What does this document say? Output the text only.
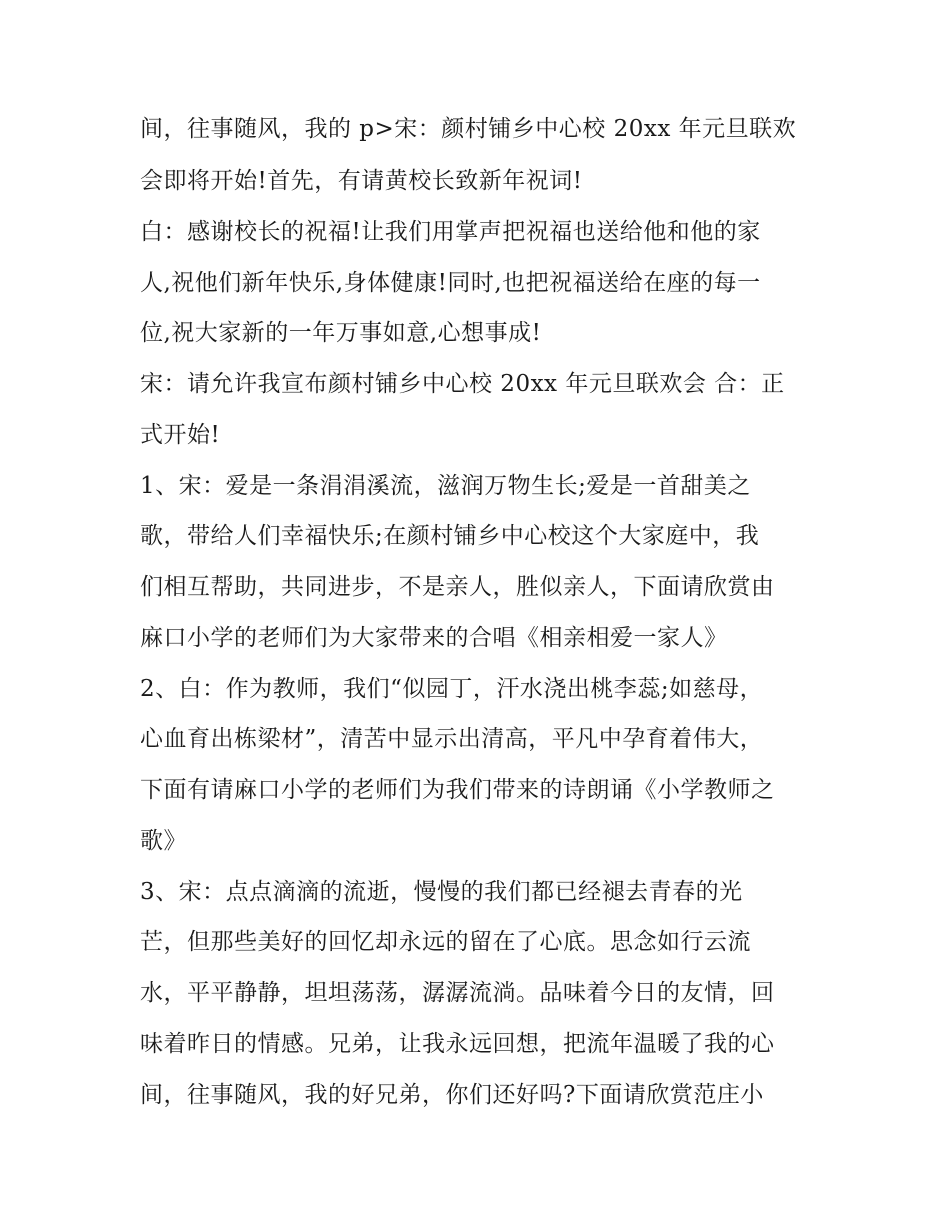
间，往事随风，我的 p>宋：颜村铺乡中心校 20xx 年元旦联欢
会即将开始!首先，有请黄校长致新年祝词!
白：感谢校长的祝福!让我们用掌声把祝福也送给他和他的家
人,祝他们新年快乐,身体健康!同时,也把祝福送给在座的每一
位,祝大家新的一年万事如意,心想事成!
宋：请允许我宣布颜村铺乡中心校 20xx 年元旦联欢会 合：正
式开始!
1、宋：爱是一条涓涓溪流，滋润万物生长;爱是一首甜美之
歌，带给人们幸福快乐;在颜村铺乡中心校这个大家庭中，我
们相互帮助，共同进步，不是亲人，胜似亲人，下面请欣赏由
麻口小学的老师们为大家带来的合唱《相亲相爱一家人》
2、白：作为教师，我们“似园丁，汗水浇出桃李蕊;如慈母，
心血育出栋梁材”，清苦中显示出清高，平凡中孕育着伟大，
下面有请麻口小学的老师们为我们带来的诗朗诵《小学教师之
歌》
3、宋：点点滴滴的流逝，慢慢的我们都已经褪去青春的光
芒，但那些美好的回忆却永远的留在了心底。思念如行云流
水，平平静静，坦坦荡荡，潺潺流淌。品味着今日的友情，回
味着昨日的情感。兄弟，让我永远回想，把流年温暖了我的心
间，往事随风，我的好兄弟，你们还好吗?下面请欣赏范庄小
